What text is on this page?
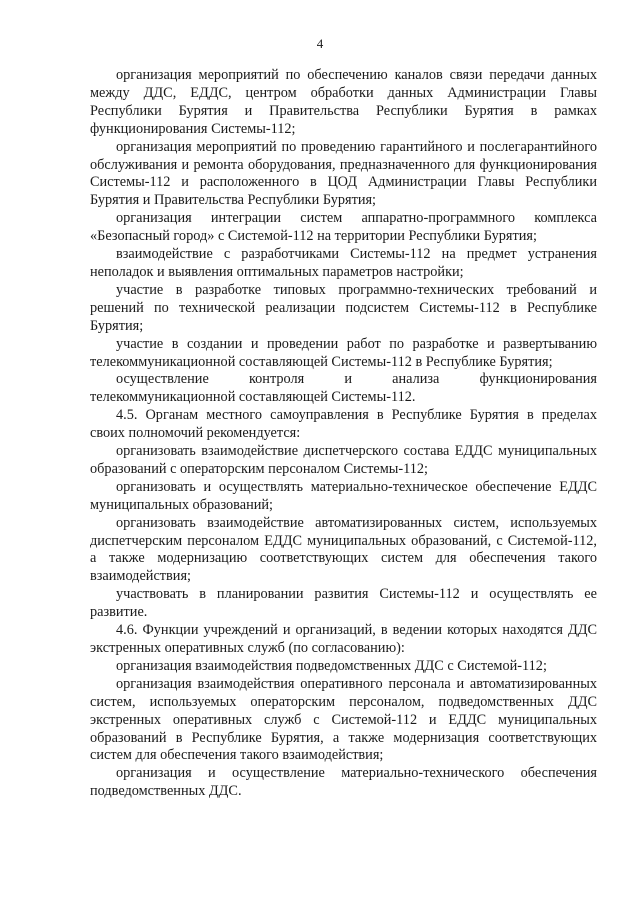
4

организация мероприятий по обеспечению каналов связи передачи данных между ДДС, ЕДДС, центром обработки данных Администрации Главы Республики Бурятия и Правительства Республики Бурятия в рамках функционирования Системы-112;

организация мероприятий по проведению гарантийного и послегарантийного обслуживания и ремонта оборудования, предназначенного для функционирования Системы-112 и расположенного в ЦОД Администрации Главы Республики Бурятия и Правительства Республики Бурятия;

организация интеграции систем аппаратно-программного комплекса «Безопасный город» с Системой-112 на территории Республики Бурятия;

взаимодействие с разработчиками Системы-112 на предмет устранения неполадок и выявления оптимальных параметров настройки;

участие в разработке типовых программно-технических требований и решений по технической реализации подсистем Системы-112 в Республике Бурятия;

участие в создании и проведении работ по разработке и развертыванию телекоммуникационной составляющей Системы-112 в Республике Бурятия;

осуществление контроля и анализа функционирования телекоммуникационной составляющей Системы-112.

4.5. Органам местного самоуправления в Республике Бурятия в пределах своих полномочий рекомендуется:

организовать взаимодействие диспетчерского состава ЕДДС муниципальных образований с операторским персоналом Системы-112;

организовать и осуществлять материально-техническое обеспечение ЕДДС муниципальных образований;

организовать взаимодействие автоматизированных систем, используемых диспетчерским персоналом ЕДДС муниципальных образований, с Системой-112, а также модернизацию соответствующих систем для обеспечения такого взаимодействия;

участвовать в планировании развития Системы-112 и осуществлять ее развитие.

4.6. Функции учреждений и организаций, в ведении которых находятся ДДС экстренных оперативных служб (по согласованию):

организация взаимодействия подведомственных ДДС с Системой-112;

организация взаимодействия оперативного персонала и автоматизированных систем, используемых операторским персоналом, подведомственных ДДС экстренных оперативных служб с Системой-112 и ЕДДС муниципальных образований в Республике Бурятия, а также модернизация соответствующих систем для обеспечения такого взаимодействия;

организация и осуществление материально-технического обеспечения подведомственных ДДС.
